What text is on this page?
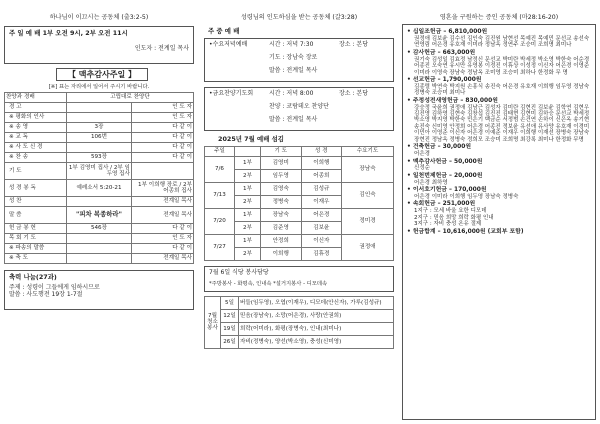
하나님이 이끄시는 공동체 (출3:2-5)
주 일 예 배 1부 오전 9시, 2부 오전 11시
인도자 : 전계일 목사
【 맥추감사주일 】
[※] 표는 자리에서 일어서 주시기 바랍니다.
찬양과 경배	고립대로 찬양단	
경 고		인 도 자
※ 평화의 인사		인 도 자
※ 송 영	3장	다 같 이
※ 교 독	106번	다 같 이
※ 사 도 신 경		다 같 이
※ 찬 송	593장	다 같 이
기 도	1부 김영미 집사 / 2부 임두영 집사	
성 경 봉 독	예레소서 5:20-21	1부 이희행 장로 / 2부 어종희 집사
성 찬		전계일 목사
말 씀	"피차 복종하라"	전계일 목사
헌 금 봉 헌	546장	다 같 이
목 회 기 도		인 도 자
※ 파송의 말씀		다 같 이
※ 축 도		전계일 목사
축력 나눔(27과)
주제 : 성령이 그들에게 임하시므로
말씀 : 사도행전 19장 1-7절
성령님의 인도하심을 받는 공동체 (갈3:28)
주 중 예 배
•수요저녁예배	시간 : 저녁 7:30	장소 : 본당
기도 : 장남숙 장로
말씀 : 전계일 목사
•금요찬양기도회	시간 : 저녁 8:00	장소 : 본당
찬양 : 코람데오 찬양단
말씀 : 전계일 목사
2025년 7월 예배 섬김
주일		기 도	성 경	수요기도
7/6	1부	김영미	이희행	장남숙
	2부	임두영	어종희	
7/13	1부	김영숙	김성규	김인숙
	2부	정병숙	이재우	
7/20	1부	장남숙	어은경	정미경
	2부	김준영	김보윤	
7/27	1부	안정희	이신자	권정애
	2부	이희행	김휴경	
7월 6일 식당 봉사담당
*주방봉사 - 화평속, 인내속 *설거지봉사 - 디모데속
7월
청소
봉사	5일	버들(임두영), 오엽(이재우), 디모데(안신자), 가루(김성규)
	12일	믿음(장남숙), 소망(어은경), 사랑(안권희)
	19일	희락(어미라), 화평(장병숙), 인내(최미나)
	26일	자비(정병숙), 양선(박소영), 충성(신미영)
영혼을 구원하는 증인 공동체 (마28:16-20)
• 십일조헌금 – 6,810,000원
권정애 김보윤 김수선 김인숙 김진원 남현선 목예진 목예민 문선교 송선숙 연영림 어은경 유호재 이미라 정남옥 정연주 조승미 조희명 최미나
• 감사헌금 – 663,000원
권기숙 김성일 김효정 남정신 문선교 박미란 박세정 박소영 박한숙 어순경 어종진 오숙연 유시만 유영봉 이정진 이휴상 이성정 이신자 어은경 이영준 이미라 이영숙 장남숙 정남옥 조미영 조승미 최하나 한정화 무 명
• 선교헌금 – 1,790,000원
김종렬 박연숙 박지원 손흥식 송진숙 어은경 유호재 이희행 임두영 정남숙 정병숙 조승미 최미나
• 주정성전새영헌금 – 830,000원
강승정 국윤희 권정애 김남근 김성자 김미란 김현진 김보윤 김학연 김현우 김진영 김하영 김현숙 김창섭 김진진 김태현 김현미 김하승 문선교 박세정 박소영 박지영 박한숙 민은기 백금순 서정범 손건연 손하이 신은옥 송기현 송진숙 신미영 안정희 어은경 어종진 정보윤 유선애 유사양 유호재 이경미 이민아 이영준 이신자 어은경 이예준 이재우 이희행 이재선 장병숙 장남숙 장현진 정남옥 정병숙 정희모 조승미 조희명 최강록 최미나 한정화 무명
• 건축헌금 – 30,000원
어은경
• 맥추감사헌금 – 50,000원
신정순
• 일천번제헌금 – 20,000원
어은경 최하영
• 이서호기헌금 – 170,000원
어은경 이미라 이희행 임두영 장남숙 정병숙
• 속회헌금 – 251,000원
1지구 : 모세 바울 요한 디모데
2지구 : 믿음 희망 희락 화평 인내
3지구 : 자비 충성 온유 절제
• 헌금합계 – 10,616,000원 (교회부 포함)
